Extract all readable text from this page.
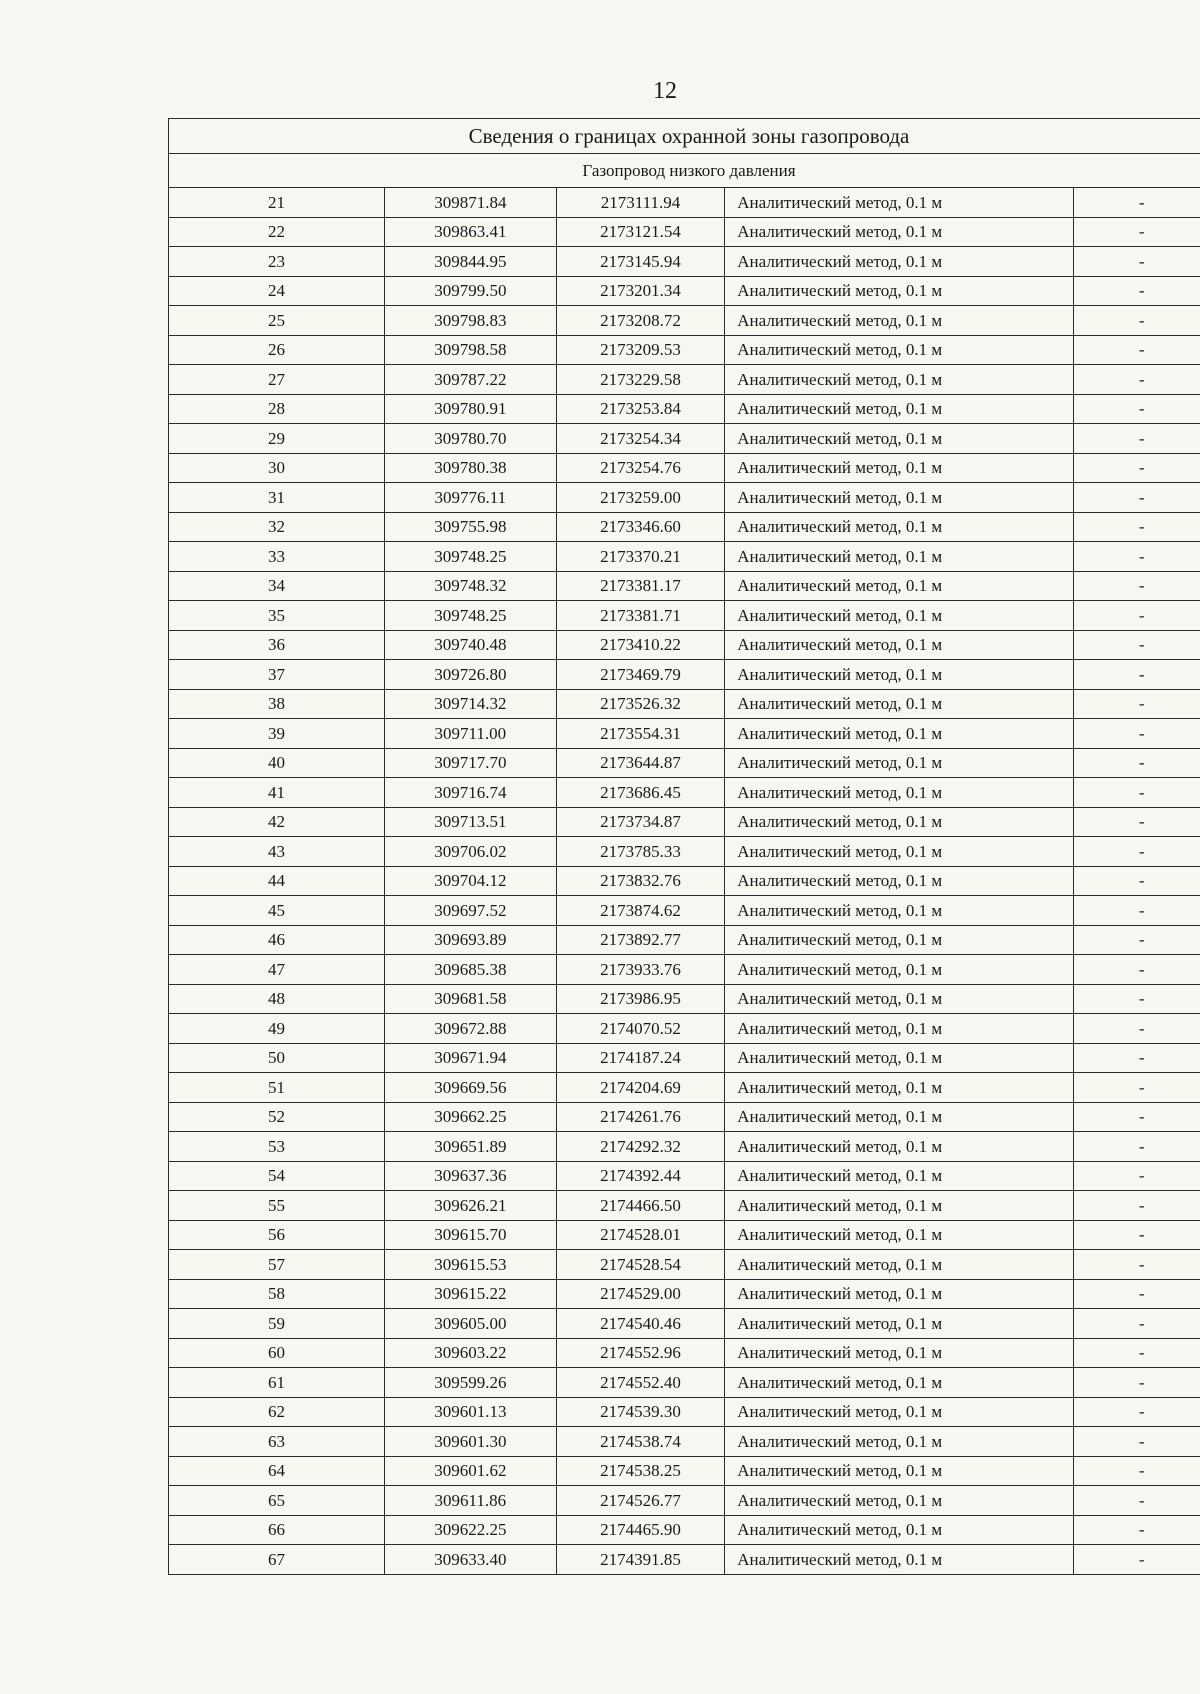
12
Сведения о границах охранной зоны газопровода				
Газопровод низкого давления				
21	309871.84	2173111.94	Аналитический метод, 0.1 м	-
22	309863.41	2173121.54	Аналитический метод, 0.1 м	-
23	309844.95	2173145.94	Аналитический метод, 0.1 м	-
24	309799.50	2173201.34	Аналитический метод, 0.1 м	-
25	309798.83	2173208.72	Аналитический метод, 0.1 м	-
26	309798.58	2173209.53	Аналитический метод, 0.1 м	-
27	309787.22	2173229.58	Аналитический метод, 0.1 м	-
28	309780.91	2173253.84	Аналитический метод, 0.1 м	-
29	309780.70	2173254.34	Аналитический метод, 0.1 м	-
30	309780.38	2173254.76	Аналитический метод, 0.1 м	-
31	309776.11	2173259.00	Аналитический метод, 0.1 м	-
32	309755.98	2173346.60	Аналитический метод, 0.1 м	-
33	309748.25	2173370.21	Аналитический метод, 0.1 м	-
34	309748.32	2173381.17	Аналитический метод, 0.1 м	-
35	309748.25	2173381.71	Аналитический метод, 0.1 м	-
36	309740.48	2173410.22	Аналитический метод, 0.1 м	-
37	309726.80	2173469.79	Аналитический метод, 0.1 м	-
38	309714.32	2173526.32	Аналитический метод, 0.1 м	-
39	309711.00	2173554.31	Аналитический метод, 0.1 м	-
40	309717.70	2173644.87	Аналитический метод, 0.1 м	-
41	309716.74	2173686.45	Аналитический метод, 0.1 м	-
42	309713.51	2173734.87	Аналитический метод, 0.1 м	-
43	309706.02	2173785.33	Аналитический метод, 0.1 м	-
44	309704.12	2173832.76	Аналитический метод, 0.1 м	-
45	309697.52	2173874.62	Аналитический метод, 0.1 м	-
46	309693.89	2173892.77	Аналитический метод, 0.1 м	-
47	309685.38	2173933.76	Аналитический метод, 0.1 м	-
48	309681.58	2173986.95	Аналитический метод, 0.1 м	-
49	309672.88	2174070.52	Аналитический метод, 0.1 м	-
50	309671.94	2174187.24	Аналитический метод, 0.1 м	-
51	309669.56	2174204.69	Аналитический метод, 0.1 м	-
52	309662.25	2174261.76	Аналитический метод, 0.1 м	-
53	309651.89	2174292.32	Аналитический метод, 0.1 м	-
54	309637.36	2174392.44	Аналитический метод, 0.1 м	-
55	309626.21	2174466.50	Аналитический метод, 0.1 м	-
56	309615.70	2174528.01	Аналитический метод, 0.1 м	-
57	309615.53	2174528.54	Аналитический метод, 0.1 м	-
58	309615.22	2174529.00	Аналитический метод, 0.1 м	-
59	309605.00	2174540.46	Аналитический метод, 0.1 м	-
60	309603.22	2174552.96	Аналитический метод, 0.1 м	-
61	309599.26	2174552.40	Аналитический метод, 0.1 м	-
62	309601.13	2174539.30	Аналитический метод, 0.1 м	-
63	309601.30	2174538.74	Аналитический метод, 0.1 м	-
64	309601.62	2174538.25	Аналитический метод, 0.1 м	-
65	309611.86	2174526.77	Аналитический метод, 0.1 м	-
66	309622.25	2174465.90	Аналитический метод, 0.1 м	-
67	309633.40	2174391.85	Аналитический метод, 0.1 м	-
